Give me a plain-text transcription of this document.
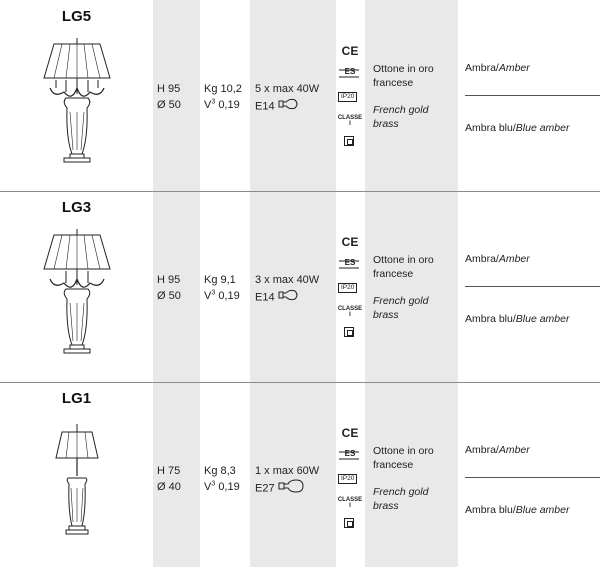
LG5
H 95
Ø 50
Kg 10,2
$V^3$ 0,19
5 x max 40W
E14
CE
ES
IP20
CLASSE I
Ottone in oro francese
French gold brass
Ambra/Amber
Ambra blu/Blue amber
LG3
H 95
Ø 50
Kg 9,1
$V^3$ 0,19
3 x max 40W
E14
CE
ES
IP20
CLASSE I
Ottone in oro francese
French gold brass
Ambra/Amber
Ambra blu/Blue amber
LG1
H 75
Ø 40
Kg 8,3
$V^3$ 0,19
1 x max 60W
E27
CE
ES
IP20
CLASSE I
Ottone in oro francese
French gold brass
Ambra/Amber
Ambra blu/Blue amber
